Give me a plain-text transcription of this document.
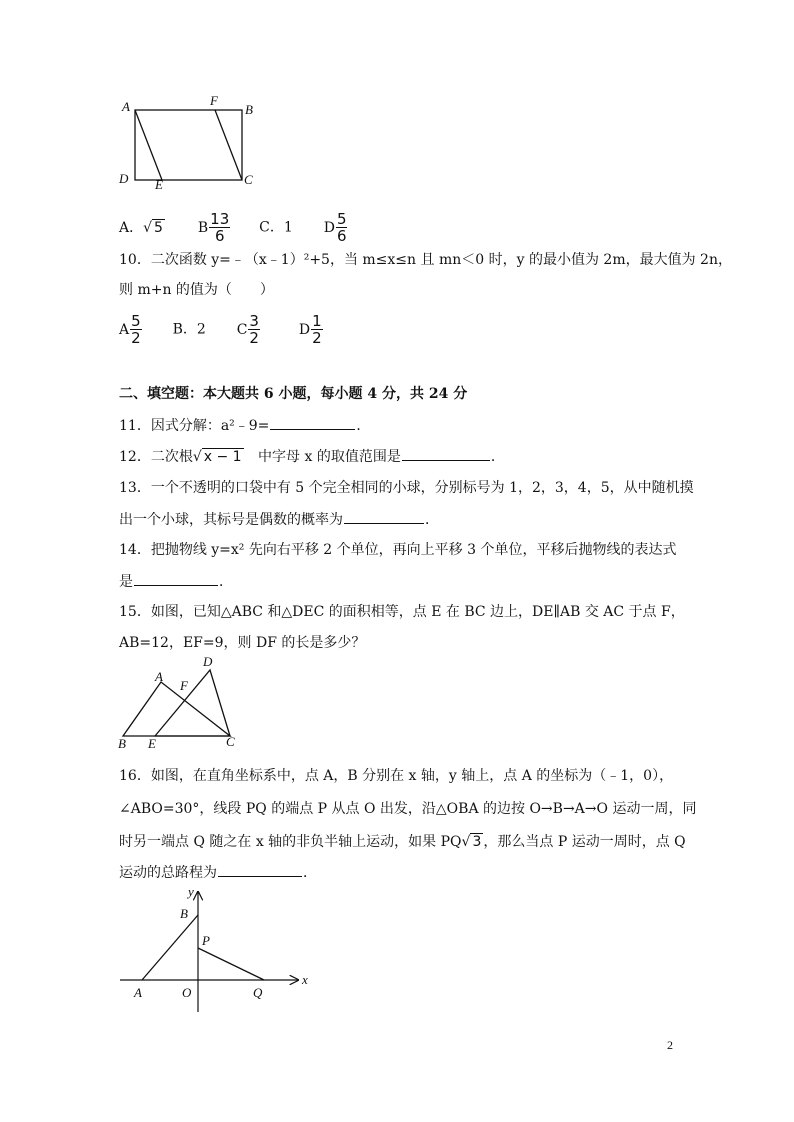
A	F
B
D E	C
A．√ 5 B $\frac{13}{6}$ C．1 D $\frac{5}{6}$
10．二次函数 y=﹣（x﹣1）²+5，当 m≤x≤n 且 mn＜0 时，y 的最小值为 2m，最大值为 2n，
则 m+n 的值为（　　）
A $\frac{5}{2}$ B．2 C $\frac{3}{2}$	D $\frac{1}{2}$
二、填空题：本大题共 6 小题，每小题 4 分，共 24 分
11．因式分解：a²﹣9=	．
12．二次根√ x − 1 中字母 x 的取值范围是	．
13．一个不透明的口袋中有 5 个完全相同的小球，分别标号为 1，2，3，4，5，从中随机摸
出一个小球，其标号是偶数的概率为	．
14．把抛物线 y=x² 先向右平移 2 个单位，再向上平移 3 个单位，平移后抛物线的表达式
是	．
15．如图，已知△ABC 和△DEC 的面积相等，点 E 在 BC 边上，DE∥AB 交 AC 于点 F，
AB=12，EF=9，则 DF 的长是多少？
A
D
F
B E	C
16．如图，在直角坐标系中，点 A，B 分别在 x 轴，y 轴上，点 A 的坐标为（﹣1，0），
∠ABO=30°，线段 PQ 的端点 P 从点 O 出发，沿△OBA 的边按 O→B→A→O 运动一周，同
时另一端点 Q 随之在 x 轴的非负半轴上运动，如果 PQ√ 3 ，那么当点 P 运动一周时，点 Q
运动的总路程为	．
y
B
P
A	O	Q
x
2
